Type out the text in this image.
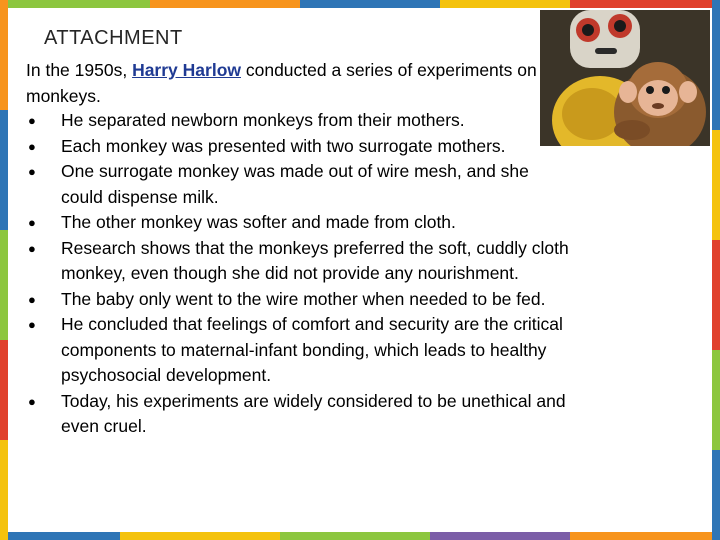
ATTACHMENT
In the 1950s, Harry Harlow conducted a series of experiments on monkeys.
● He separated newborn monkeys from their mothers.
● Each monkey was presented with two surrogate mothers.
● One surrogate monkey was made out of wire mesh, and she could dispense milk.
● The other monkey was softer and made from cloth.
● Research shows that the monkeys preferred the soft, cuddly cloth monkey, even though she did not provide any nourishment.
● The baby only went to the wire mother when needed to be fed.
● He concluded that feelings of comfort and security are the critical components to maternal-infant bonding, which leads to healthy psychosocial development.
● Today, his experiments are widely considered to be unethical and even cruel.
